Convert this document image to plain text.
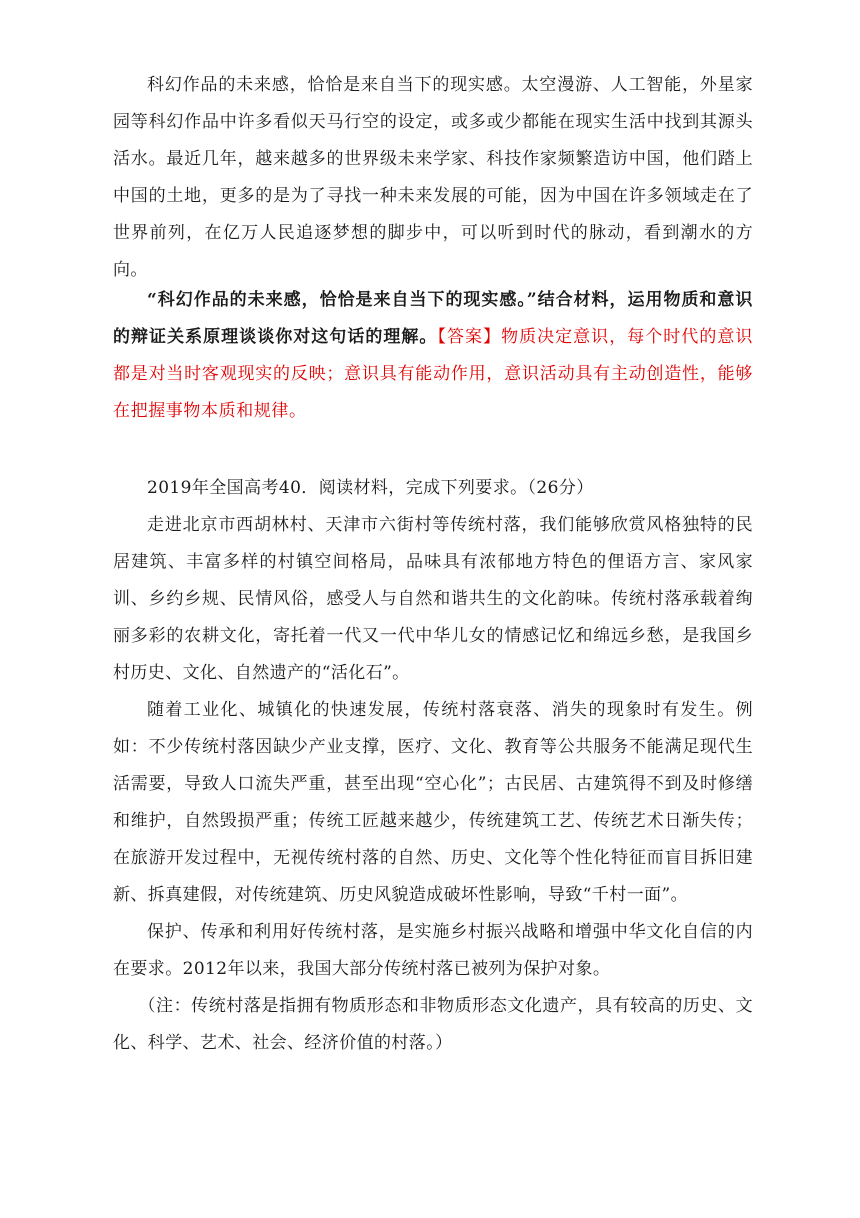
科幻作品的未来感，恰恰是来自当下的现实感。太空漫游、人工智能，外星家园等科幻作品中许多看似天马行空的设定，或多或少都能在现实生活中找到其源头活水。最近几年，越来越多的世界级未来学家、科技作家频繁造访中国，他们踏上中国的土地，更多的是为了寻找一种未来发展的可能，因为中国在许多领域走在了世界前列，在亿万人民追逐梦想的脚步中，可以听到时代的脉动，看到潮水的方向。
“科幻作品的未来感，恰恰是来自当下的现实感。”结合材料，运用物质和意识的辩证关系原理谈谈你对这句话的理解。【答案】物质决定意识，每个时代的意识都是对当时客观现实的反映；意识具有能动作用，意识活动具有主动创造性，能够在把握事物本质和规律。
2019年全国高考40．阅读材料，完成下列要求。（26分）
走进北京市西胡林村、天津市六街村等传统村落，我们能够欣赏风格独特的民居建筑、丰富多样的村镇空间格局，品味具有浓郁地方特色的俚语方言、家风家训、乡约乡规、民情风俗，感受人与自然和谐共生的文化韵味。传统村落承载着绚丽多彩的农耕文化，寄托着一代又一代中华儿女的情感记忆和绵远乡愁，是我国乡村历史、文化、自然遗产的“活化石”。
随着工业化、城镇化的快速发展，传统村落衰落、消失的现象时有发生。例如：不少传统村落因缺少产业支撑，医疗、文化、教育等公共服务不能满足现代生活需要，导致人口流失严重，甚至出现“空心化”；古民居、古建筑得不到及时修缮和维护，自然毁损严重；传统工匠越来越少，传统建筑工艺、传统艺术日渐失传；在旅游开发过程中，无视传统村落的自然、历史、文化等个性化特征而盲目拆旧建新、拆真建假，对传统建筑、历史风貌造成破坏性影响，导致“千村一面”。
保护、传承和利用好传统村落，是实施乡村振兴战略和增强中华文化自信的内在要求。2012年以来，我国大部分传统村落已被列为保护对象。
（注：传统村落是指拥有物质形态和非物质形态文化遗产，具有较高的历史、文化、科学、艺术、社会、经济价值的村落。）
